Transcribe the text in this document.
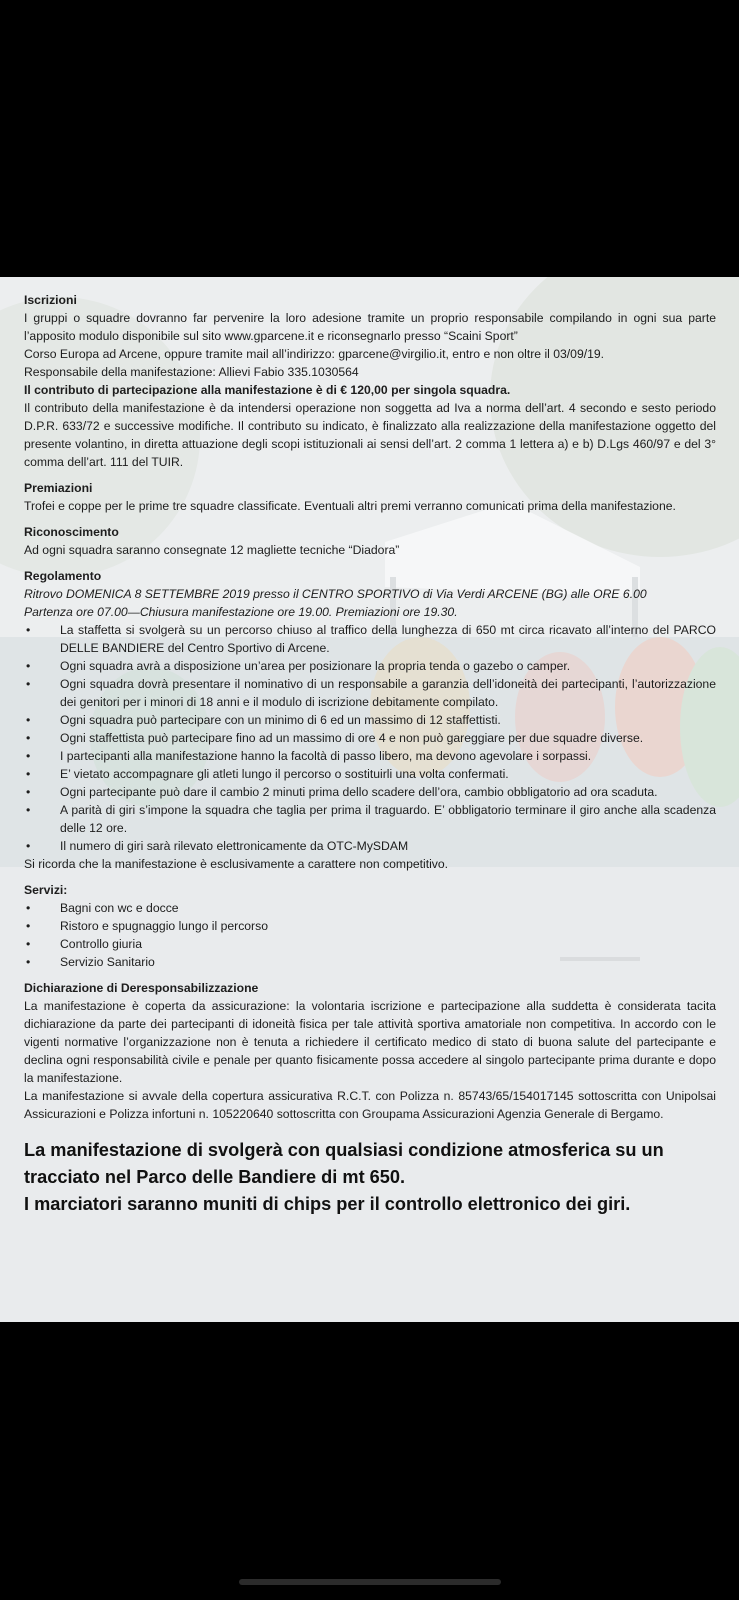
Iscrizioni

I gruppi o squadre dovranno far pervenire la loro adesione tramite un proprio responsabile compilando in ogni sua parte l’apposito modulo disponibile sul sito www.gparcene.it e riconsegnarlo presso “Scaini Sport”

Corso Europa ad Arcene, oppure tramite mail all’indirizzo: gparcene@virgilio.it, entro e non oltre il 03/09/19.

Responsabile della manifestazione: Allievi Fabio 335.1030564

Il contributo di partecipazione alla manifestazione è di € 120,00 per singola squadra.

Il contributo della manifestazione è da intendersi operazione non soggetta ad Iva a norma dell’art. 4 secondo e sesto periodo D.P.R. 633/72 e successive modifiche. Il contributo su indicato, è finalizzato alla realizzazione della manifestazione oggetto del presente volantino, in diretta attuazione degli scopi istituzionali ai sensi dell’art. 2 comma 1 lettera a) e b) D.Lgs 460/97 e del 3° comma dell’art. 111 del TUIR.

Premiazioni

Trofei e coppe per le prime tre squadre classificate. Eventuali altri premi verranno comunicati prima della manifestazione.

Riconoscimento

Ad ogni squadra saranno consegnate 12 magliette tecniche “Diadora”

Regolamento

Ritrovo DOMENICA 8 SETTEMBRE 2019 presso il CENTRO SPORTIVO di Via Verdi ARCENE (BG) alle ORE 6.00

Partenza ore 07.00—Chiusura manifestazione ore 19.00. Premiazioni ore 19.30.

• La staffetta si svolgerà su un percorso chiuso al traffico della lunghezza di 650 mt circa ricavato all’interno del PARCO DELLE BANDIERE del Centro Sportivo di Arcene.
• Ogni squadra avrà a disposizione un’area per posizionare la propria tenda o gazebo o camper.
• Ogni squadra dovrà presentare il nominativo di un responsabile a garanzia dell’idoneità dei partecipanti, l’autorizzazione dei genitori per i minori di 18 anni e il modulo di iscrizione debitamente compilato.
• Ogni squadra può partecipare con un minimo di 6 ed un massimo di 12 staffettisti.
• Ogni staffettista può partecipare fino ad un massimo di ore 4 e non può gareggiare per due squadre diverse.
• I partecipanti alla manifestazione hanno la facoltà di passo libero, ma devono agevolare i sorpassi.
• E’ vietato accompagnare gli atleti lungo il percorso o sostituirli una volta confermati.
• Ogni partecipante può dare il cambio 2 minuti prima dello scadere dell’ora, cambio obbligatorio ad ora scaduta.
• A parità di giri s’impone la squadra che taglia per prima il traguardo. E’ obbligatorio terminare il giro anche alla scadenza delle 12 ore.
• Il numero di giri sarà rilevato elettronicamente da OTC-MySDAM

Si ricorda che la manifestazione è esclusivamente a carattere non competitivo.

Servizi:

• Bagni con wc e docce
• Ristoro e spugnaggio lungo il percorso
• Controllo giuria
• Servizio Sanitario

Dichiarazione di Deresponsabilizzazione

La manifestazione è coperta da assicurazione: la volontaria iscrizione e partecipazione alla suddetta è considerata tacita dichiarazione da parte dei partecipanti di idoneità fisica per tale attività sportiva amatoriale non competitiva. In accordo con le vigenti normative l’organizzazione non è tenuta a richiedere il certificato medico di stato di buona salute del partecipante e declina ogni responsabilità civile e penale per quanto fisicamente possa accedere al singolo partecipante prima durante e dopo la manifestazione.

La manifestazione si avvale della copertura assicurativa R.C.T. con Polizza n. 85743/65/154017145 sottoscritta con Unipolsai Assicurazioni e Polizza infortuni n. 105220640 sottoscritta con Groupama Assicurazioni Agenzia Generale di Bergamo.

La manifestazione di svolgerà con qualsiasi condizione atmosferica su un tracciato nel Parco delle Bandiere di mt 650.
I marciatori saranno muniti di chips per il controllo elettronico dei giri.
